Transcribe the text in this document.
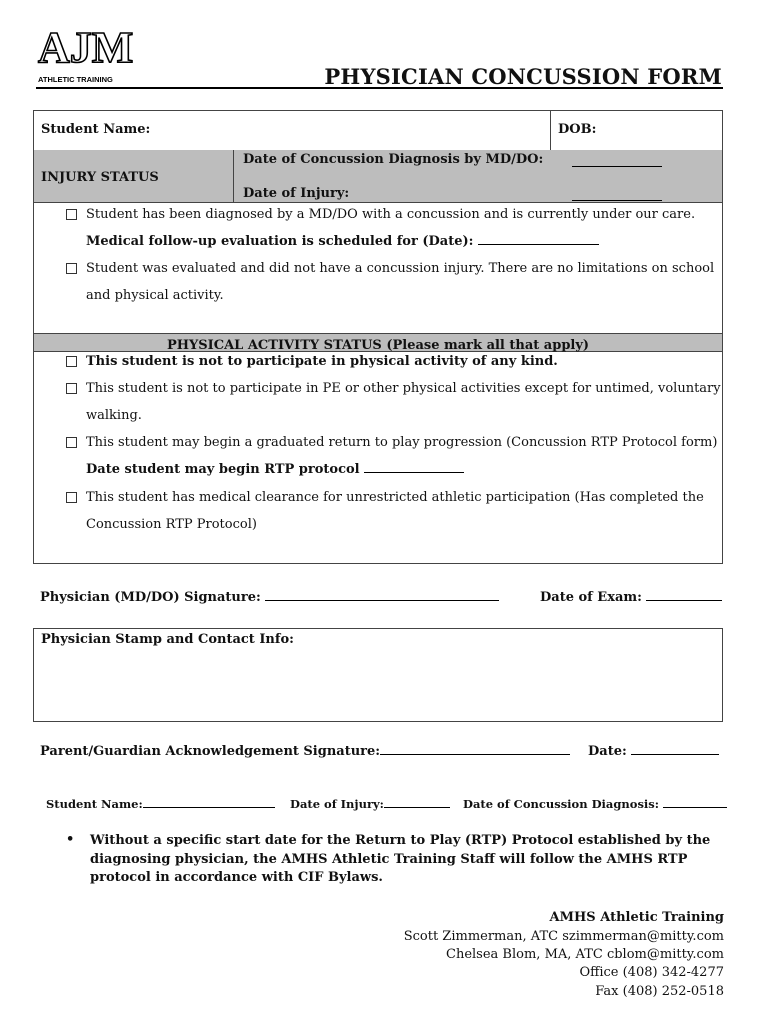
AJM
ATHLETIC TRAINING	PHYSICIAN CONCUSSION FORM
Student Name:	DOB:
INJURY STATUS
Date of Concussion Diagnosis by MD/DO:
Date of Injury:
Student has been diagnosed by a MD/DO with a concussion and is currently under our care.
Medical follow-up evaluation is scheduled for (Date):
Student was evaluated and did not have a concussion injury. There are no limitations on school
and physical activity.
PHYSICAL ACTIVITY STATUS (Please mark all that apply)
This student is not to participate in physical activity of any kind.
This student is not to participate in PE or other physical activities except for untimed, voluntary
walking.
This student may begin a graduated return to play progression (Concussion RTP Protocol form)
Date student may begin RTP protocol
This student has medical clearance for unrestricted athletic participation (Has completed the
Concussion RTP Protocol)
Physician (MD/DO) Signature:	Date of Exam:
Physician Stamp and Contact Info:
Parent/Guardian Acknowledgement Signature:	Date:
Student Name:	Date of Injury:	Date of Concussion Diagnosis:
• Without a specific start date for the Return to Play (RTP) Protocol established by the diagnosing physician, the AMHS Athletic Training Staff will follow the AMHS RTP protocol in accordance with CIF Bylaws.
AMHS Athletic Training
Scott Zimmerman, ATC szimmerman@mitty.com
Chelsea Blom, MA, ATC cblom@mitty.com
Office (408) 342-4277
Fax (408) 252-0518
